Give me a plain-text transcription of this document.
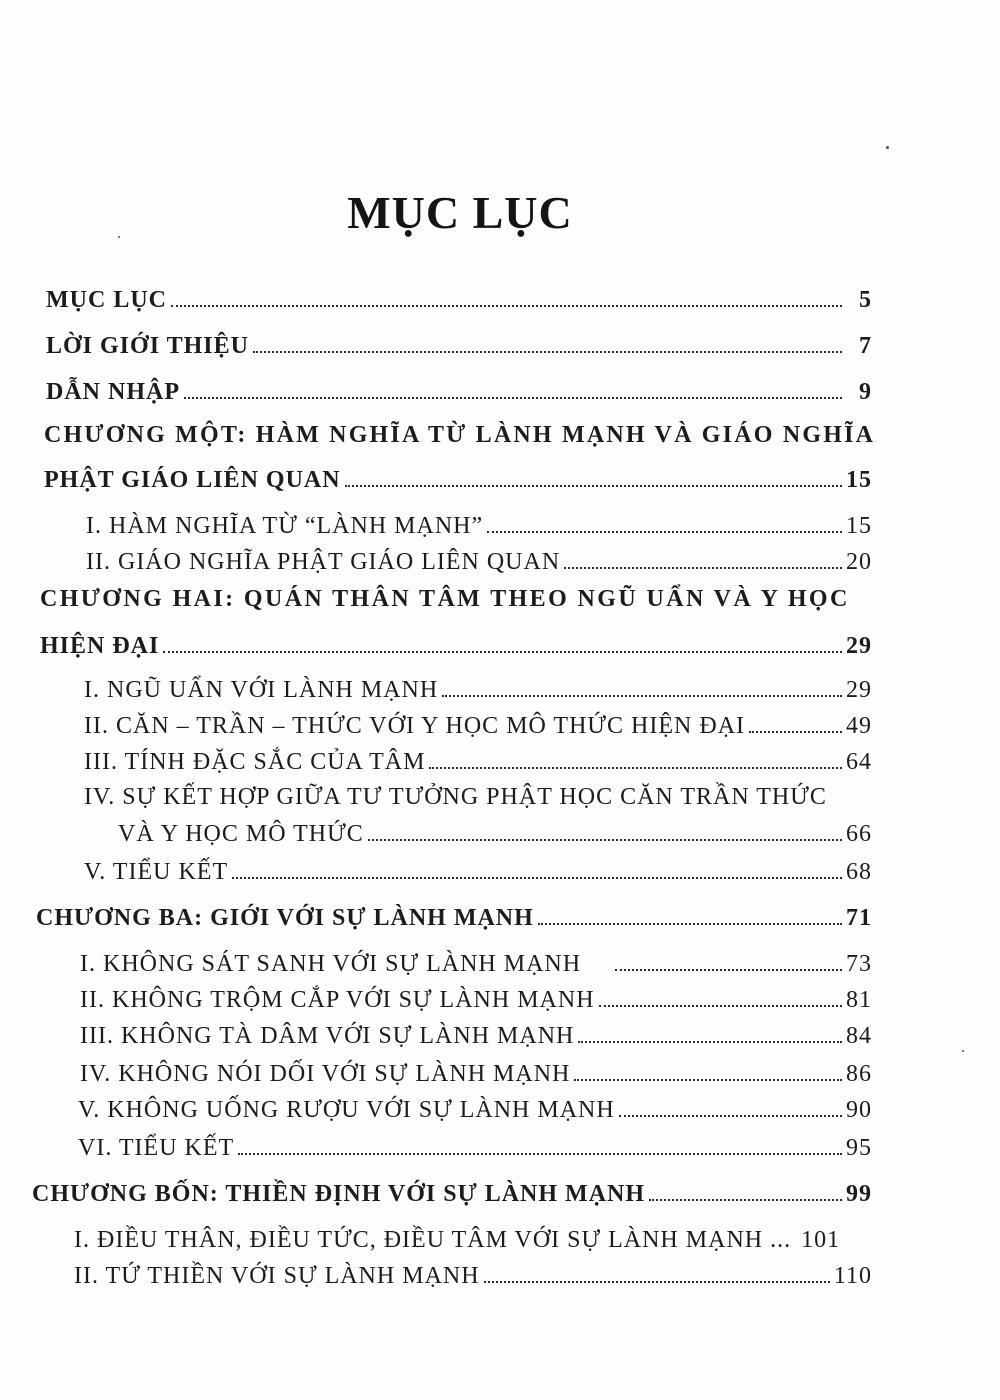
MỤC LỤC
MỤC LỤC	5
LỜI GIỚI THIỆU	7
DẪN NHẬP	9
CHƯƠNG MỘT: HÀM NGHĨA TỪ LÀNH MẠNH VÀ GIÁO NGHĨA
PHẬT GIÁO LIÊN QUAN	15
I. HÀM NGHĨA TỪ “LÀNH MẠNH”	15
II. GIÁO NGHĨA PHẬT GIÁO LIÊN QUAN	20
CHƯƠNG HAI: QUÁN THÂN TÂM THEO NGŨ UẨN VÀ Y HỌC
HIỆN ĐẠI	29
I. NGŨ UẨN VỚI LÀNH MẠNH	29
II. CĂN – TRẦN – THỨC VỚI Y HỌC MÔ THỨC HIỆN ĐẠI	49
III. TÍNH ĐẶC SẮC CỦA TÂM	64
IV. SỰ KẾT HỢP GIỮA TƯ TƯỞNG PHẬT HỌC CĂN TRẦN THỨC
VÀ Y HỌC MÔ THỨC	66
V. TIỂU KẾT	68
CHƯƠNG BA: GIỚI VỚI SỰ LÀNH MẠNH	71
I. KHÔNG SÁT SANH VỚI SỰ LÀNH MẠNH	73
II. KHÔNG TRỘM CẮP VỚI SỰ LÀNH MẠNH	81
III. KHÔNG TÀ DÂM VỚI SỰ LÀNH MẠNH	84
IV. KHÔNG NÓI DỐI VỚI SỰ LÀNH MẠNH	86
V. KHÔNG UỐNG RƯỢU VỚI SỰ LÀNH MẠNH	90
VI. TIỂU KẾT	95
CHƯƠNG BỐN: THIỀN ĐỊNH VỚI SỰ LÀNH MẠNH	99
I. ĐIỀU THÂN, ĐIỀU TỨC, ĐIỀU TÂM VỚI SỰ LÀNH MẠNH ... 101
II. TỨ THIỀN VỚI SỰ LÀNH MẠNH	110
